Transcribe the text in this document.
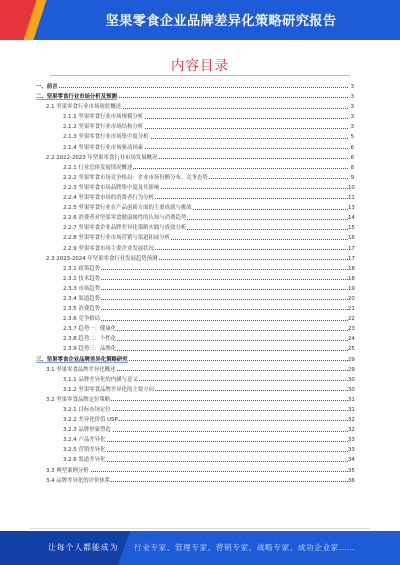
坚果零食企业品牌差异化策略研究报告
内容目录
一、前言	3
二、坚果零食行业市场分析及预测	3
2.1 坚果零食行业市场现状概述	3
2.1.1 坚果零食行业市场规模分析	3
2.1.2 坚果零食行业市场结构分析	3
2.1.3 坚果零食行业市场集中度分析	5
2.1.4 坚果零食行业市场驱动因素	6
2.2 2022-2023 年坚果零食行业市场发展概况	6
2.2.1 行业总体发展情况概述	8
2.2.2 坚果零食市场竞争格局：企业市场份额分布、竞争态势	9
2.2.3 坚果零食市场品牌集中度及其影响	10
2.2.4 坚果零食市场的消费者行为分析	11
2.2.5 坚果零食行业在产品创新方面的主要成就与挑战	13
2.2.6 消费者对坚果零食健康属性的认知与消费趋势	14
2.2.7 坚果零食企业品牌差异化策略实践与成效分析	15
2.2.8 坚果零食行业市场营销与渠道拓展分析	16
2.2.9 坚果零食市场主要企业发展状况	17
2.3 2023-2024 年坚果零食行业发展趋势预测	17
2.3.1 政策趋势	18
2.3.2 技术趋势	18
2.3.3 市场趋势	19
2.3.4 渠道趋势	20
2.3.5 消费趋势	21
2.3.6 竞争格局	22
2.3.7 趋势一：健康化	23
2.3.8 趋势二：个性化	24
2.3.9 趋势三：品牌化	25
三、坚果零食企业品牌差异化策略研究	29
3.1 坚果零食品牌差异化概述	29
3.1.1 品牌差异化的内涵与意义	30
3.1.2 坚果零食品牌差异化的主要方向	30
3.2 坚果零食品牌定位策略	31
3.2.1 目标市场定位	31
3.2.2 差异化价值 USP	32
3.2.3 品牌形象塑造	32
3.2.4 产品差异化	33
3.2.5 营销差异化	33
3.2.6 渠道差异化	34
3.3 典型案例分析	35
3.4 品牌差异化的评价体系	36
让每个人都能成为 行业专家、管理专家、营销专家、战略专家、成功企业家……
